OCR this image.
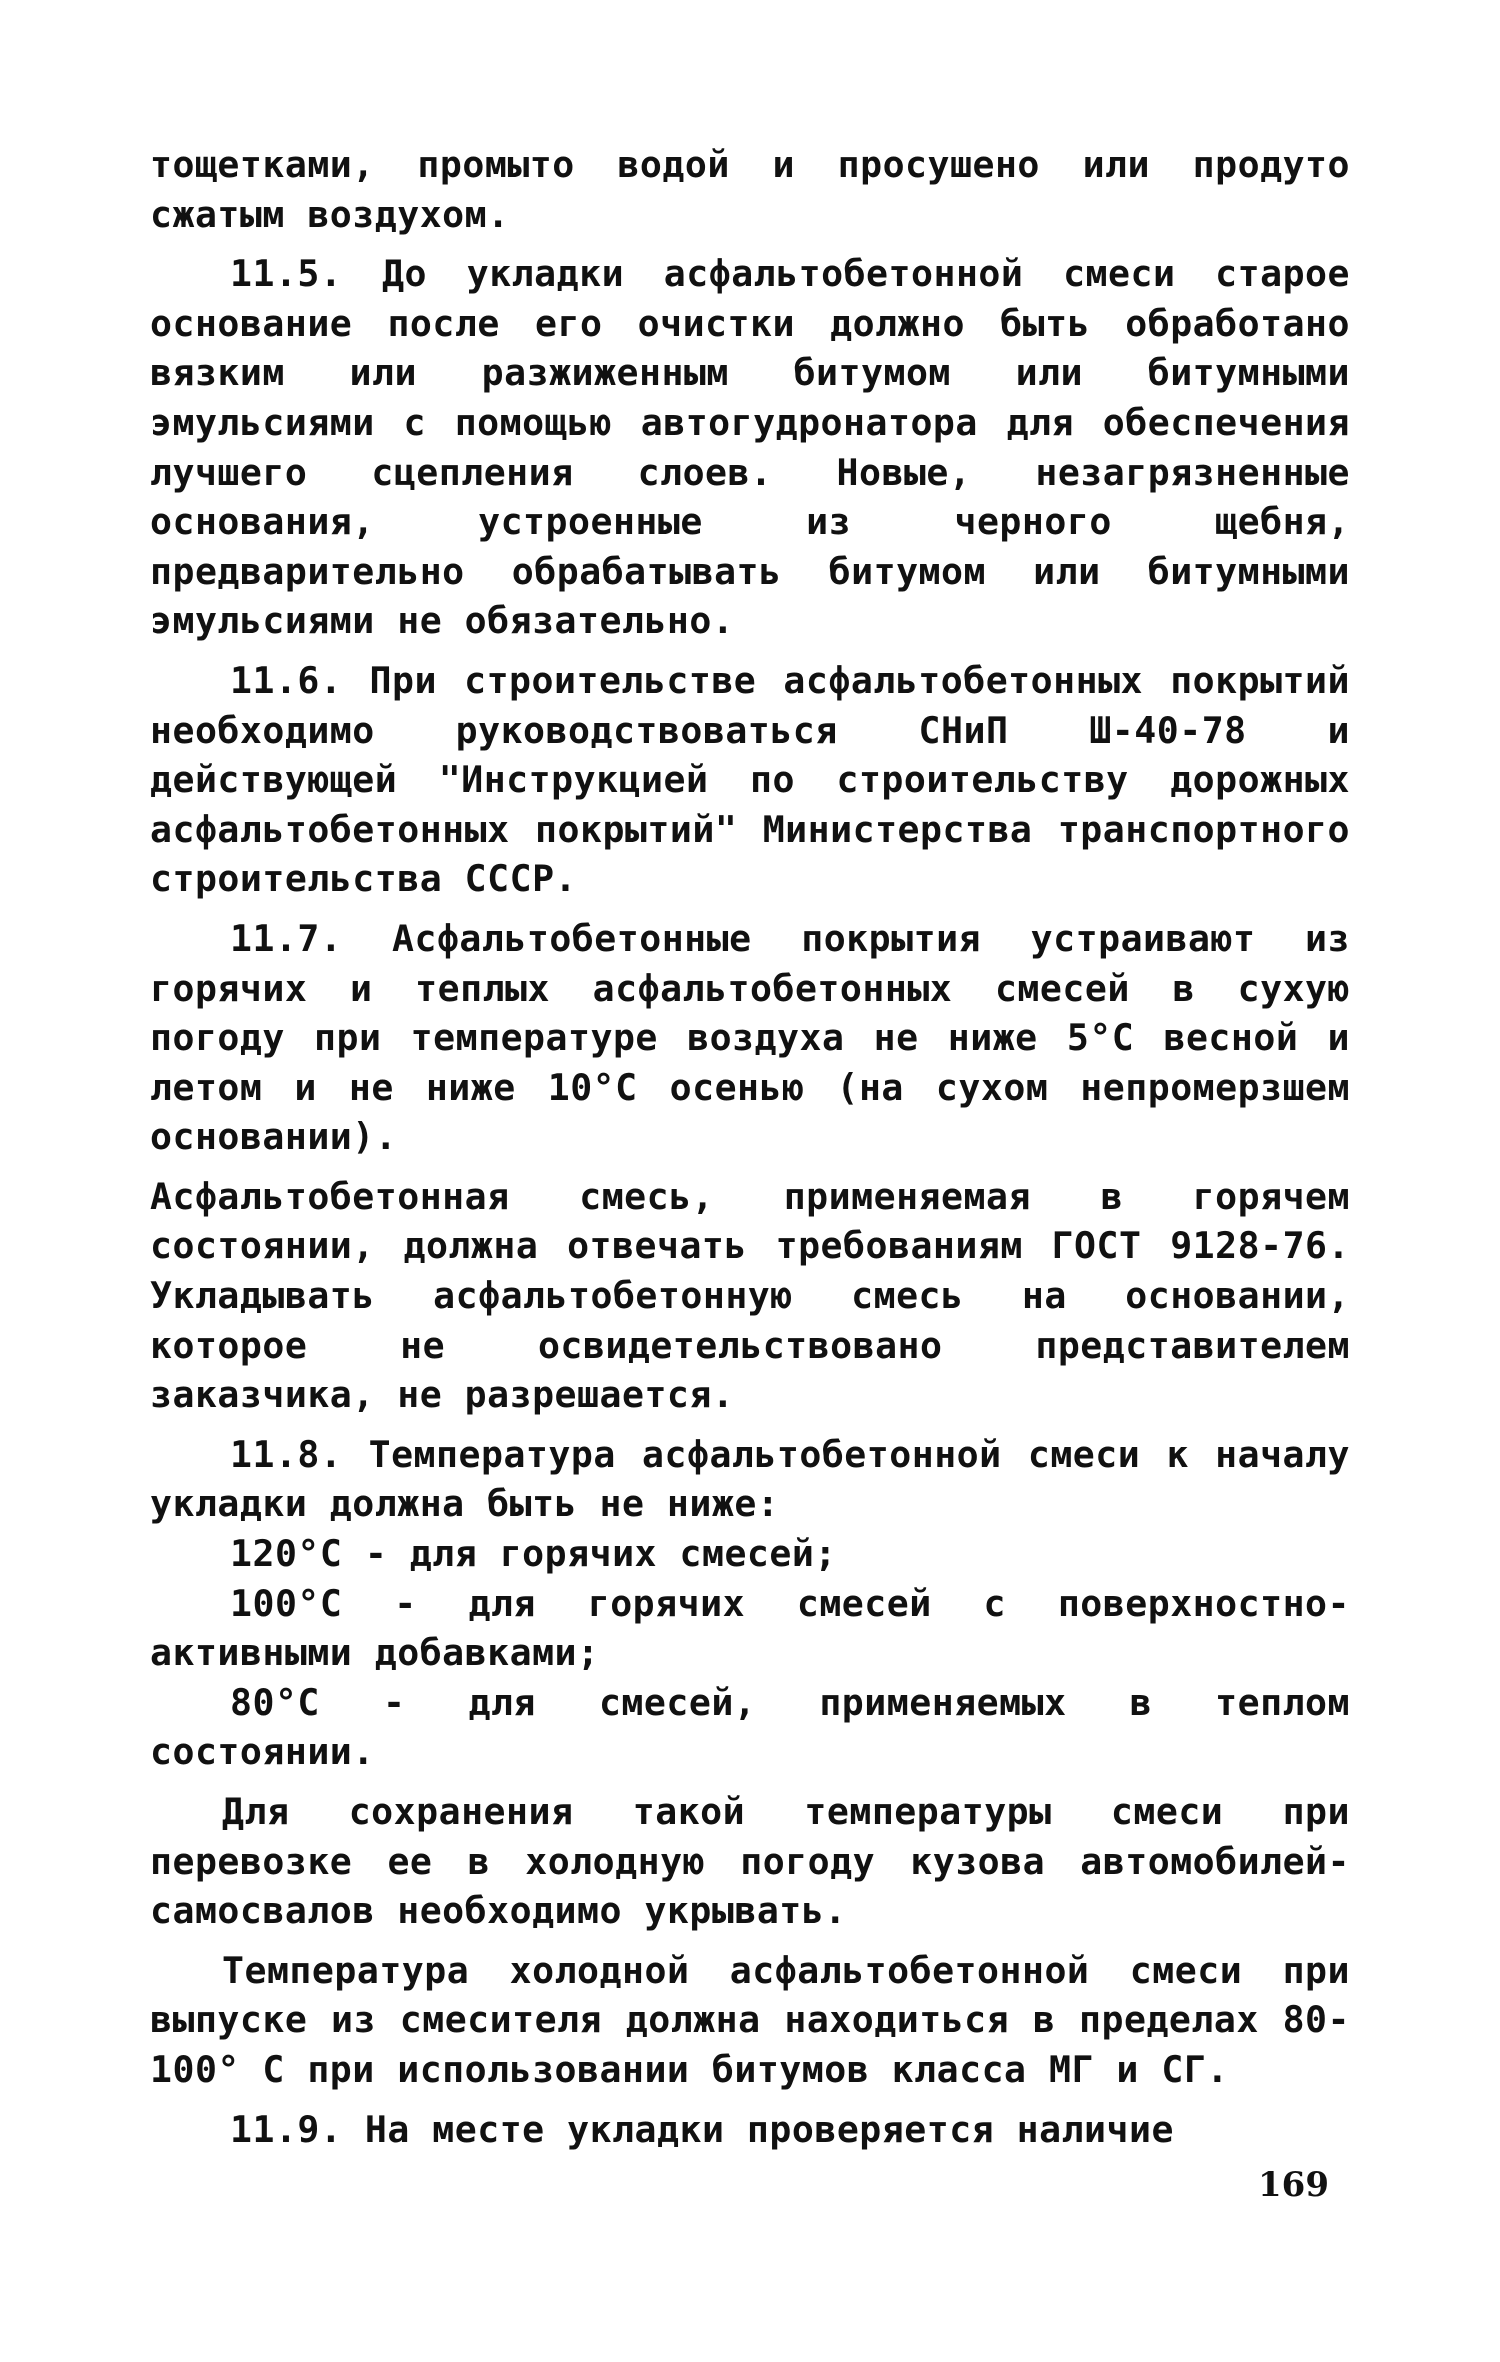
тощетками, промыто водой и просушено или продуто сжатым воздухом.

11.5. До укладки асфальтобетонной смеси старое основание после его очистки должно быть обработано вязким или разжиженным битумом или битумными эмульсиями с помощью автогудронатора для обеспечения лучшего сцепления слоев. Новые, незагрязненные основания, устроенные из черного щебня, предварительно обрабатывать битумом или битумными эмульсиями не обязательно.

11.6. При строительстве асфальтобетонных покрытий необходимо руководствоваться СНиП Ш-40-78 и действующей "Инструкцией по строительству дорожных асфальтобетонных покрытий" Министерства транспортного строительства СССР.

11.7. Асфальтобетонные покрытия устраивают из горячих и теплых асфальтобетонных смесей в сухую погоду при температуре воздуха не ниже 5°С весной и летом и не ниже 10°С осенью (на сухом непромерзшем основании).

Асфальтобетонная смесь, применяемая в горячем состоянии, должна отвечать требованиям ГОСТ 9128-76. Укладывать асфальтобетонную смесь на основании, которое не освидетельствовано представителем заказчика, не разрешается.

11.8. Температура асфальтобетонной смеси к началу укладки должна быть не ниже:

120°С - для горячих смесей;

100°С - для горячих смесей с поверхностно-активными добавками;

80°С - для смесей, применяемых в теплом состоянии.

Для сохранения такой температуры смеси при перевозке ее в холодную погоду кузова автомобилей-самосвалов необходимо укрывать.

Температура холодной асфальтобетонной смеси при выпуске из смесителя должна находиться в пределах 80-100° С при использовании битумов класса МГ и СГ.

11.9. На месте укладки проверяется наличие

169
